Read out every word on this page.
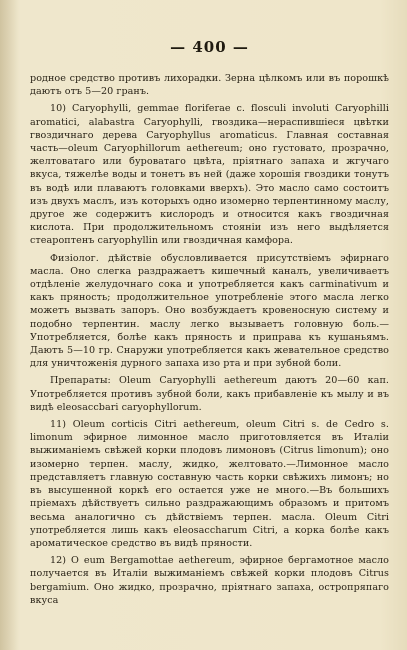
— 400 —

родное средство противъ лихорадки. Зерна цѣлкомъ или въ порошкѣ даютъ отъ 5—20 гранъ.

10) Caryophylli, gemmae floriferae c. flosculi involuti Caryophilli aromatici, alabastra Caryophylli, гвоздика—нераспившіеся цвѣтки гвоздичнаго дерева Caryophyllus aromaticus. Главная составная часть—oleum Caryophillorum aethereum; оно густовато, прозрачно, желтоватаго или буроватаго цвѣта, пріятнаго запаха и жгучаго вкуса, тяжелѣе воды и тонетъ въ ней (даже хорошія гвоздики тонутъ въ водѣ или плаваютъ головками вверхъ). Это масло само состоитъ изъ двухъ маслъ, изъ которыхъ одно изомерно терпентинному маслу, другое же содержитъ кислородъ и относится какъ гвоздичная кислота. При продолжительномъ стояніи изъ него выдѣляется стеароптенъ caryophyllin или гвоздичная камфора.

Физіолог. дѣйствіе обусловливается присутствіемъ эфирнаго масла. Оно слегка раздражаетъ кишечный каналъ, увеличиваетъ отдѣленіе желудочнаго сока и употребляется какъ carminativum и какъ пряность; продолжительное употребленіе этого масла легко можетъ вызвать запоръ. Оно возбуждаетъ кровеносную систему и подобно терпентин. маслу легко вызываетъ головную боль.—Употребляется, болѣе какъ пряность и приправа къ кушаньямъ. Даютъ 5—10 гр. Снаружи употребляется какъ жевательное средство для уничтоженія дурного запаха изо рта и при зубной боли.

Препараты: Oleum Caryophylli aethereum даютъ 20—60 кап. Употребляется противъ зубной боли, какъ прибавленіе къ мылу и въ видѣ eleosaccbari caryophyllorum.

11) Oleum corticis Citri aethereum, oleum Citri s. de Cedro s. limonum эфирное лимонное масло приготовляется въ Италіи выжиманіемъ свѣжей корки плодовъ лимоновъ (Citrus limonum); оно изомерно терпен. маслу, жидко, желтовато.—Лимонное масло представляетъ главную составную часть корки свѣжихъ лимонъ; но въ высушенной коркѣ его остается уже не много.—Въ большихъ пріемахъ дѣйствуетъ сильно раздражающимъ образомъ и притомъ весьма аналогично съ дѣйствіемъ терпен. масла. Oleum Citri употребляется лишь какъ eleosaccharum Citri, а корка болѣе какъ ароматическое средство въ видѣ пряности.

12) O eum Bergamottae aethereum, эфирное бергамотное масло получается въ Италіи выжиманіемъ свѣжей корки плодовъ Citrus bergamium. Оно жидко, прозрачно, пріятнаго запаха, остропряпаго вкуса
